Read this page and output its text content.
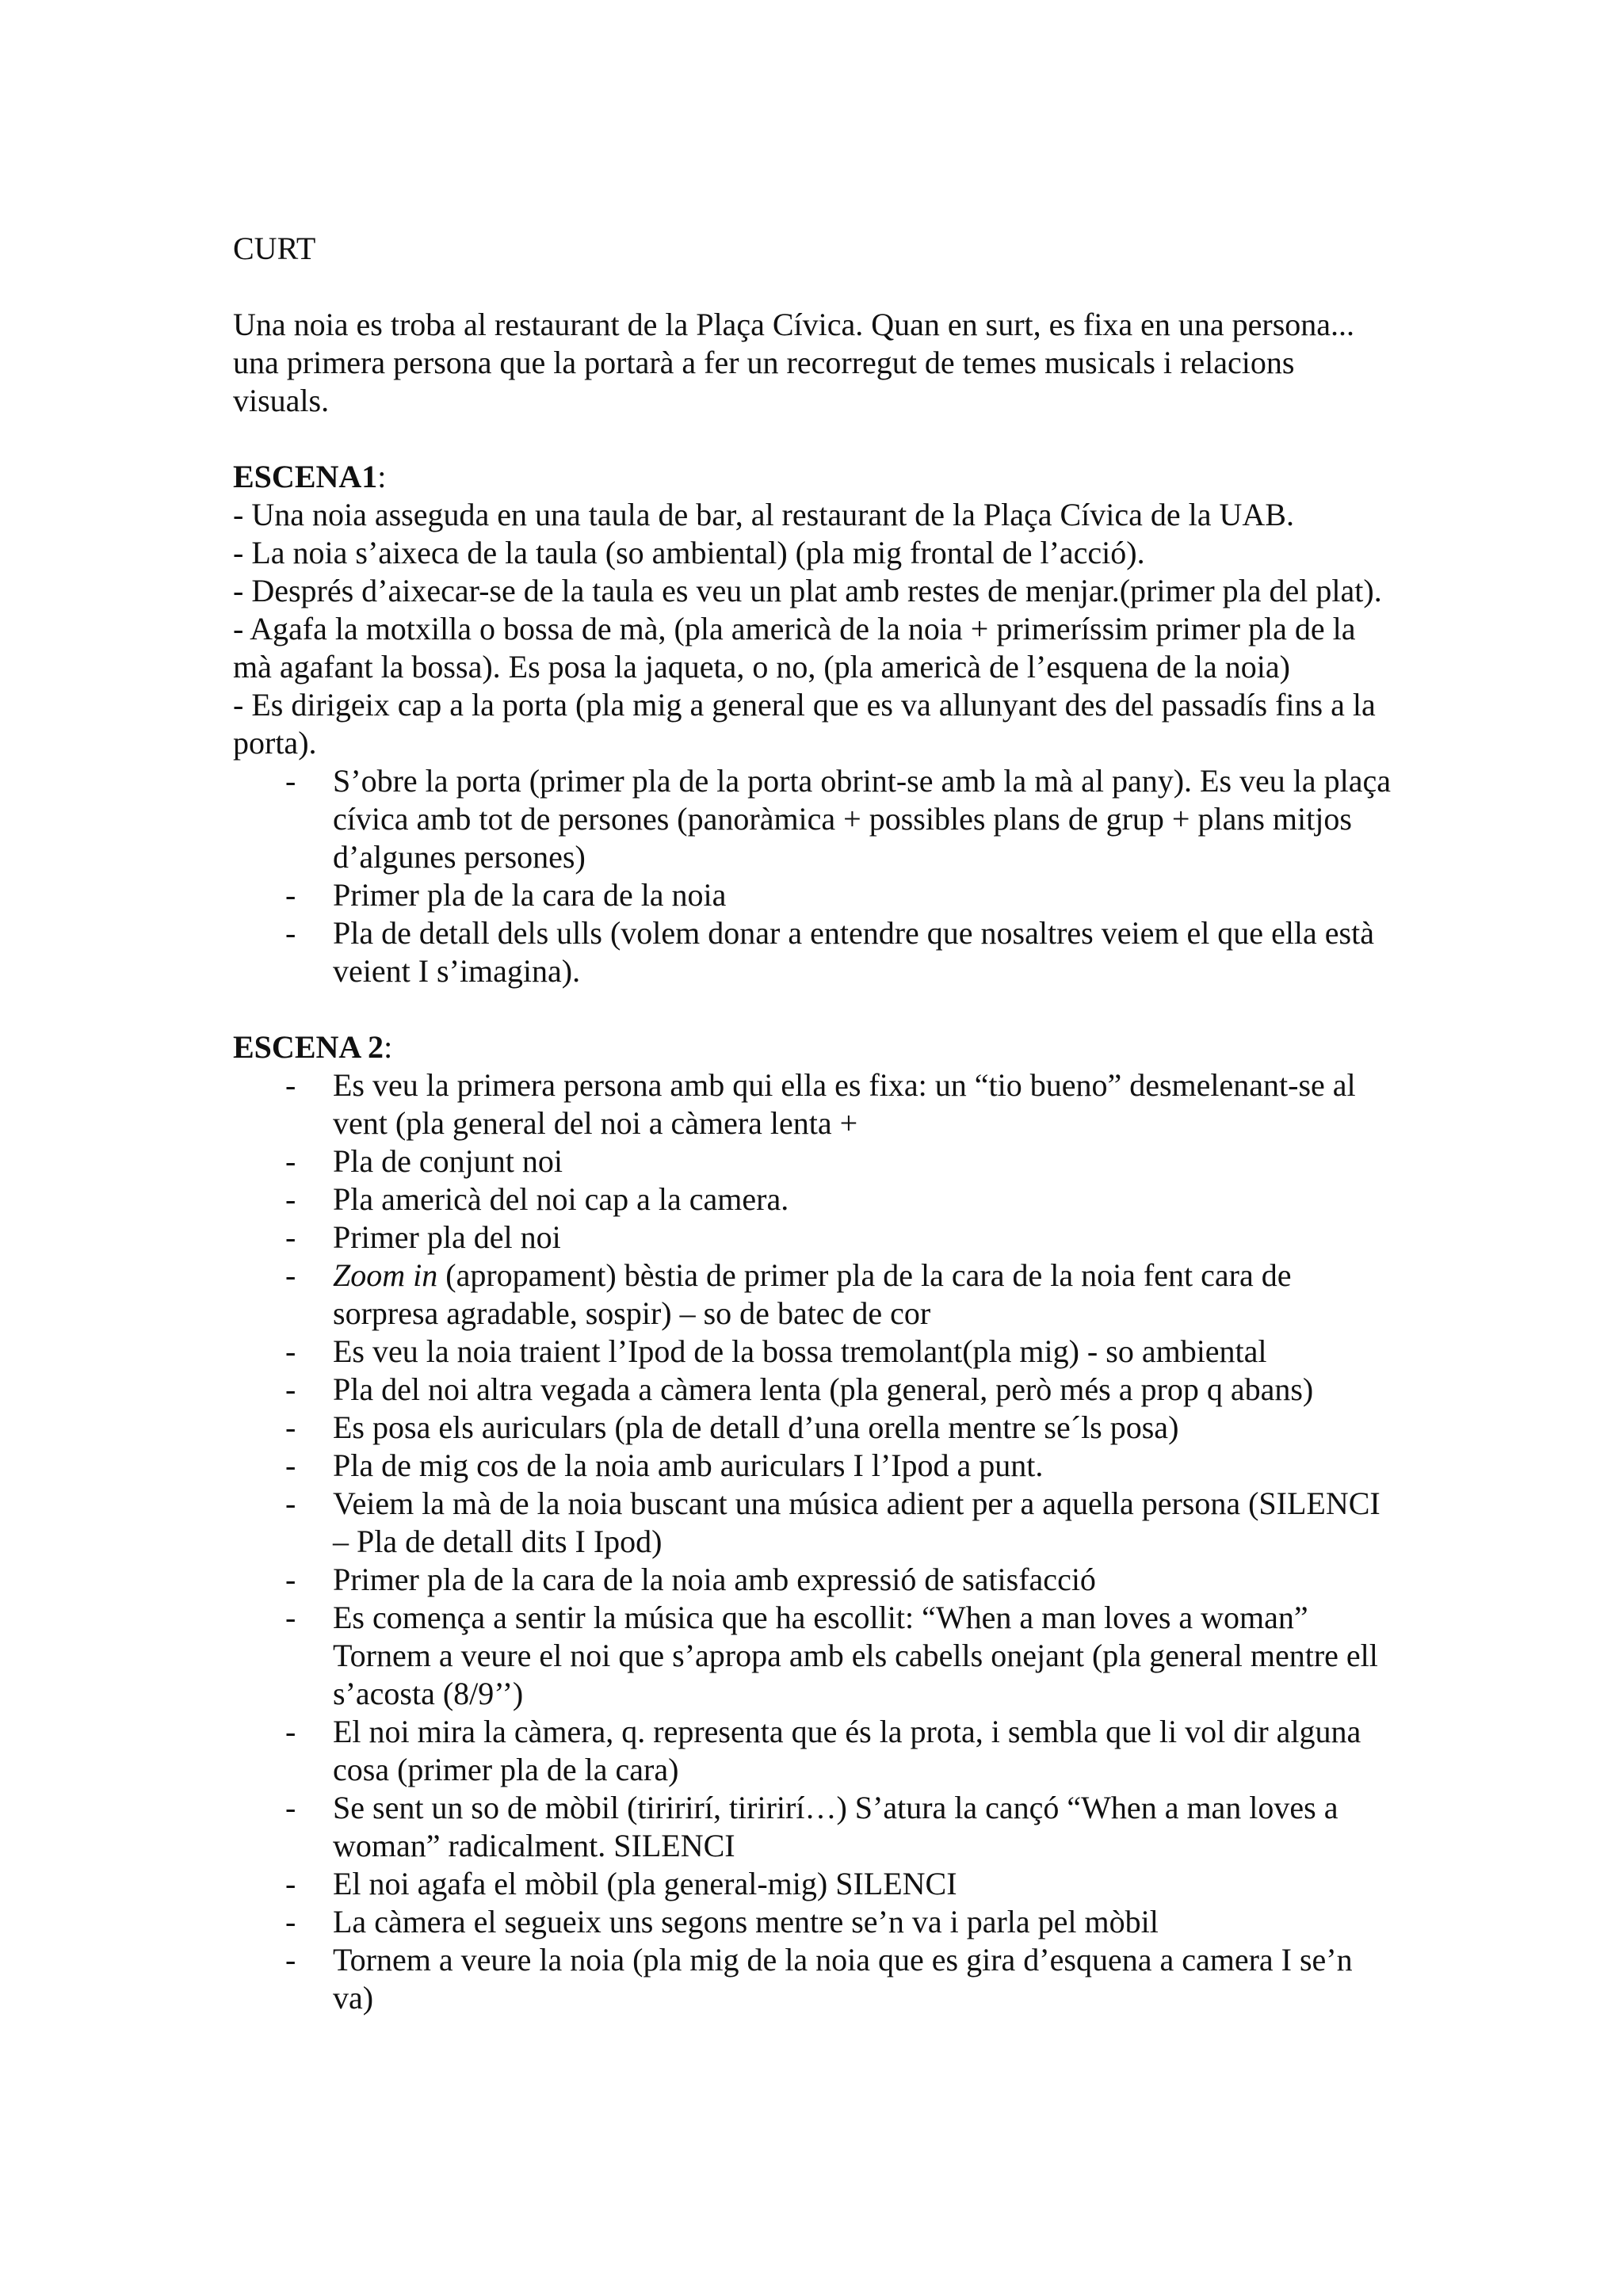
CURT

Una noia es troba al restaurant de la Plaça Cívica. Quan en surt, es fixa en una persona... una primera persona que la portarà a fer un recorregut de temes musicals i relacions visuals.

ESCENA1:

- Una noia asseguda en una taula de bar, al restaurant de la Plaça Cívica de la UAB.

- La noia s’aixeca de la taula (so ambiental) (pla mig frontal de l’acció).

- Després d’aixecar-se de la taula es veu un plat amb restes de menjar.(primer pla del plat).

- Agafa la motxilla o bossa de mà, (pla americà de la noia + primeríssim primer pla de la mà agafant la bossa). Es posa la jaqueta, o no, (pla americà de l’esquena de la noia)

- Es dirigeix cap a la porta (pla mig a general que es va allunyant des del passadís fins a la porta).

- S’obre la porta (primer pla de la porta obrint-se amb la mà al pany). Es veu la plaça cívica amb tot de persones (panoràmica + possibles plans de grup + plans mitjos d’algunes persones)
- Primer pla de la cara de la noia
- Pla de detall dels ulls (volem donar a entendre que nosaltres veiem el que ella està veient I s’imagina).

ESCENA 2:

- Es veu la primera persona amb qui ella es fixa: un “tio bueno” desmelenant-se al vent (pla general del noi a càmera lenta +
- Pla de conjunt noi
- Pla americà del noi cap a la camera.
- Primer pla del noi
- Zoom in (apropament) bèstia de primer pla de la cara de la noia fent cara de sorpresa agradable, sospir) – so de batec de cor
- Es veu la noia traient l’Ipod de la bossa tremolant(pla mig) - so ambiental
- Pla del noi altra vegada a càmera lenta (pla general, però més a prop q abans)
- Es posa els auriculars (pla de detall d’una orella mentre se´ls posa)
- Pla de mig cos de la noia amb auriculars I l’Ipod a punt.
- Veiem la mà de la noia buscant una música adient per a aquella persona (SILENCI – Pla de detall dits I Ipod)
- Primer pla de la cara de la noia amb expressió de satisfacció
- Es comença a sentir la música que ha escollit: “When a man loves a woman” Tornem a veure el noi que s’apropa amb els cabells onejant (pla general mentre ell s’acosta (8/9’’)
- El noi mira la càmera, q. representa que és la prota, i sembla que li vol dir alguna cosa (primer pla de la cara)
- Se sent un so de mòbil (tiririrí, tiririrí…) S’atura la cançó “When a man loves a woman” radicalment. SILENCI
- El noi agafa el mòbil (pla general-mig) SILENCI
- La càmera el segueix uns segons mentre se’n va i parla pel mòbil
- Tornem a veure la noia (pla mig de la noia que es gira d’esquena a camera I se’n va)
